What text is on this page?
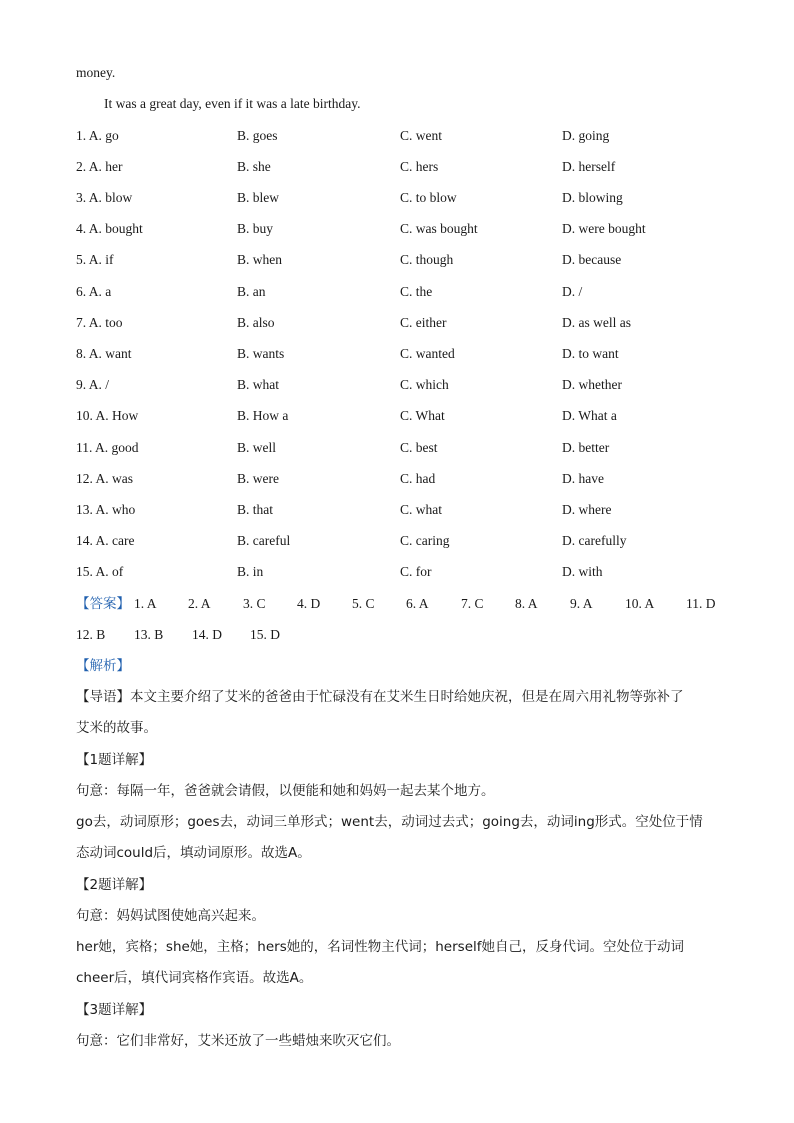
money.
It was a great day, even if it was a late birthday.
1. A. go	B. goes	C. went	D. going
2. A. her	B. she	C. hers	D. herself
3. A. blow	B. blew	C. to blow	D. blowing
4. A. bought	B. buy	C. was bought	D. were bought
5. A. if	B. when	C. though	D. because
6. A. a	B. an	C. the	D. /
7. A. too	B. also	C. either	D. as well as
8. A. want	B. wants	C. wanted	D. to want
9. A. /	B. what	C. which	D. whether
10. A. How	B. How a	C. What	D. What a
11. A. good	B. well	C. best	D. better
12. A. was	B. were	C. had	D. have
13. A. who	B. that	C. what	D. where
14. A. care	B. careful	C. caring	D. carefully
15. A. of	B. in	C. for	D. with
【答案】 1. A 2. A 3. C 4. D 5. C 6. A 7. C 8. A 9. A 10. A 11. D
12. B 13. B 14. D 15. D
【解析】
【导语】本文主要介绍了艾米的爸爸由于忙碌没有在艾米生日时给她庆祝，但是在周六用礼物等弥补了
艾米的故事。
【1题详解】
句意：每隔一年，爸爸就会请假，以便能和她和妈妈一起去某个地方。
go去，动词原形；goes去，动词三单形式；went去，动词过去式；going去，动词ing形式。空处位于情
态动词could后，填动词原形。故选A。
【2题详解】
句意：妈妈试图使她高兴起来。
her她，宾格；she她，主格；hers她的，名词性物主代词；herself她自己，反身代词。空处位于动词
cheer后，填代词宾格作宾语。故选A。
【3题详解】
句意：它们非常好，艾米还放了一些蜡烛来吹灭它们。
